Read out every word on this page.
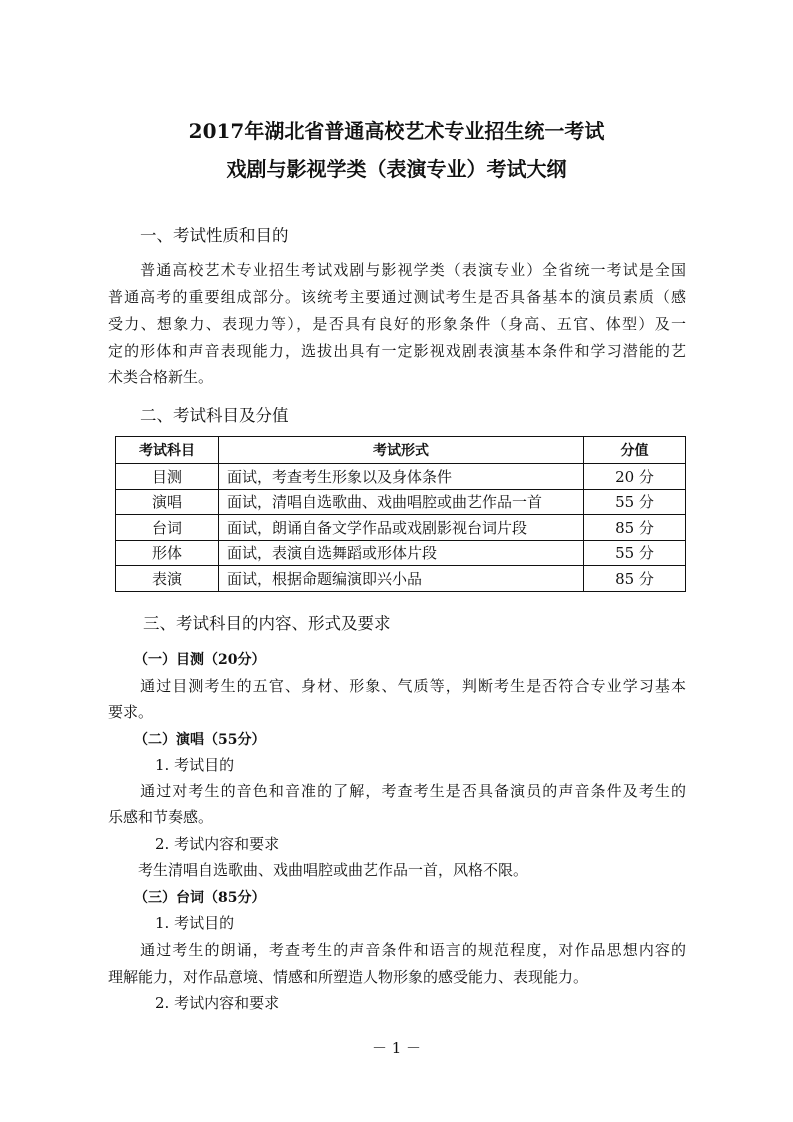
2017年湖北省普通高校艺术专业招生统一考试
戏剧与影视学类（表演专业）考试大纲
一、考试性质和目的
　　普通高校艺术专业招生考试戏剧与影视学类（表演专业）全省统一考试是全国
普通高考的重要组成部分。该统考主要通过测试考生是否具备基本的演员素质（感
受力、想象力、表现力等），是否具有良好的形象条件（身高、五官、体型）及一
定的形体和声音表现能力，选拔出具有一定影视戏剧表演基本条件和学习潜能的艺
术类合格新生。
二、考试科目及分值
考试科目	考试形式	分值
目测	面试，考查考生形象以及身体条件	20 分
演唱	面试，清唱自选歌曲、戏曲唱腔或曲艺作品一首	55 分
台词	面试，朗诵自备文学作品或戏剧影视台词片段	85 分
形体	面试，表演自选舞蹈或形体片段	55 分
表演	面试，根据命题编演即兴小品	85 分
三、考试科目的内容、形式及要求
（一）目测（20分）
　　通过目测考生的五官、身材、形象、气质等，判断考生是否符合专业学习基本
要求。
（二）演唱（55分）
1. 考试目的
　　通过对考生的音色和音准的了解，考查考生是否具备演员的声音条件及考生的
乐感和节奏感。
2. 考试内容和要求
考生清唱自选歌曲、戏曲唱腔或曲艺作品一首，风格不限。
（三）台词（85分）
1. 考试目的
　　通过考生的朗诵，考查考生的声音条件和语言的规范程度，对作品思想内容的
理解能力，对作品意境、情感和所塑造人物形象的感受能力、表现能力。
2. 考试内容和要求
－ 1 －
